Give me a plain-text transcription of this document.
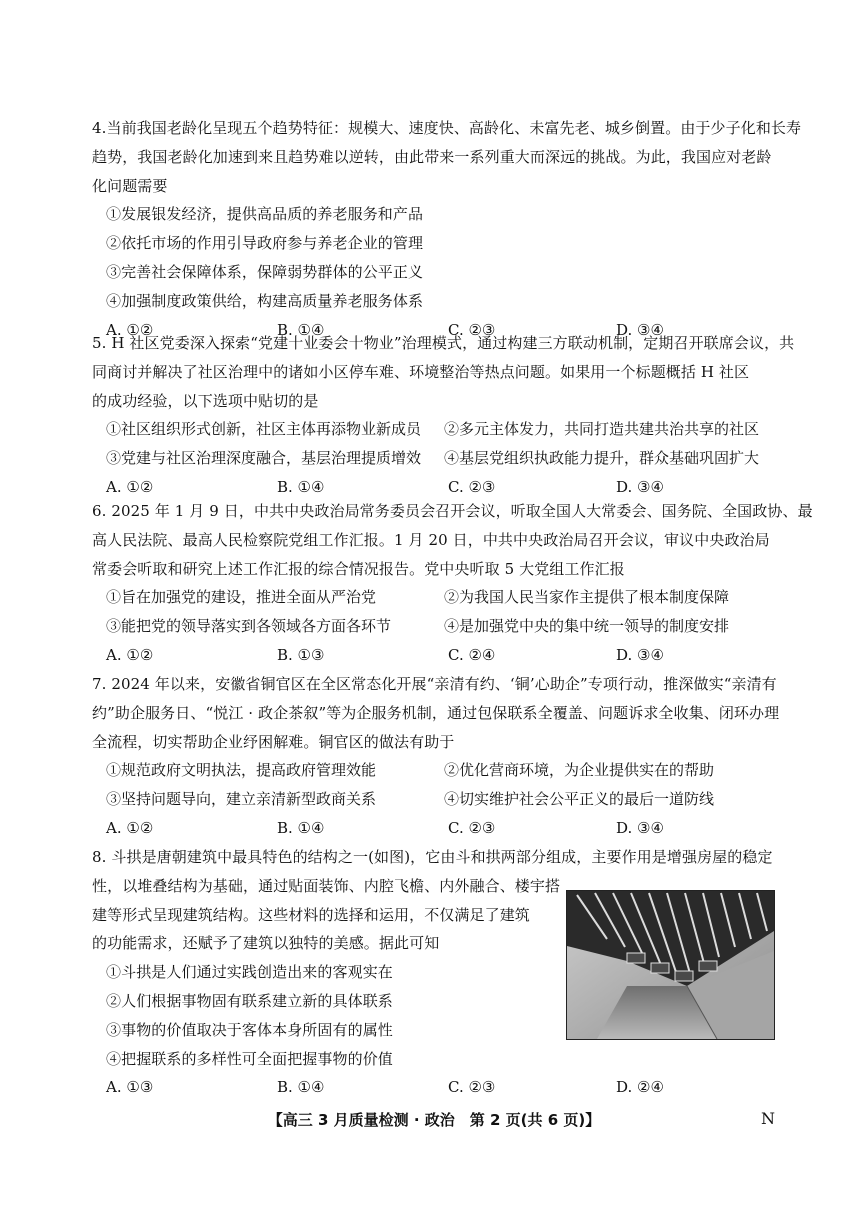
4.当前我国老龄化呈现五个趋势特征：规模大、速度快、高龄化、未富先老、城乡倒置。由于少子化和长寿
趋势，我国老龄化加速到来且趋势难以逆转，由此带来一系列重大而深远的挑战。为此，我国应对老龄
化问题需要
①发展银发经济，提供高品质的养老服务和产品
②依托市场的作用引导政府参与养老企业的管理
③完善社会保障体系，保障弱势群体的公平正义
④加强制度政策供给，构建高质量养老服务体系
A. ①②	B. ①④	C. ②③	D. ③④
5. H 社区党委深入探索“党建十业委会十物业”治理模式，通过构建三方联动机制，定期召开联席会议，共
同商讨并解决了社区治理中的诸如小区停车难、环境整治等热点问题。如果用一个标题概括 H 社区
的成功经验，以下选项中贴切的是
①社区组织形式创新，社区主体再添物业新成员	②多元主体发力，共同打造共建共治共享的社区
③党建与社区治理深度融合，基层治理提质增效	④基层党组织执政能力提升，群众基础巩固扩大
A. ①②	B. ①④	C. ②③	D. ③④
6. 2025 年 1 月 9 日，中共中央政治局常务委员会召开会议，听取全国人大常委会、国务院、全国政协、最
高人民法院、最高人民检察院党组工作汇报。1 月 20 日，中共中央政治局召开会议，审议中央政治局
常委会听取和研究上述工作汇报的综合情况报告。党中央听取 5 大党组工作汇报
①旨在加强党的建设，推进全面从严治党	②为我国人民当家作主提供了根本制度保障
③能把党的领导落实到各领域各方面各环节	④是加强党中央的集中统一领导的制度安排
A. ①②	B. ①③	C. ②④	D. ③④
7. 2024 年以来，安徽省铜官区在全区常态化开展“亲清有约、‘铜’心助企”专项行动，推深做实“亲清有
约”助企服务日、“悦江 · 政企茶叙”等为企服务机制，通过包保联系全覆盖、问题诉求全收集、闭环办理
全流程，切实帮助企业纾困解难。铜官区的做法有助于
①规范政府文明执法，提高政府管理效能	②优化营商环境，为企业提供实在的帮助
③坚持问题导向，建立亲清新型政商关系	④切实维护社会公平正义的最后一道防线
A. ①②	B. ①④	C. ②③	D. ③④
8. 斗拱是唐朝建筑中最具特色的结构之一(如图)，它由斗和拱两部分组成，主要作用是增强房屋的稳定
性，以堆叠结构为基础，通过贴面装饰、内腔飞檐、内外融合、楼宇搭
建等形式呈现建筑结构。这些材料的选择和运用，不仅满足了建筑
的功能需求，还赋予了建筑以独特的美感。据此可知
①斗拱是人们通过实践创造出来的客观实在
②人们根据事物固有联系建立新的具体联系
③事物的价值取决于客体本身所固有的属性
④把握联系的多样性可全面把握事物的价值
A. ①③	B. ①④	C. ②③	D. ②④
【高三 3 月质量检测 · 政治　第 2 页(共 6 页)】	N
